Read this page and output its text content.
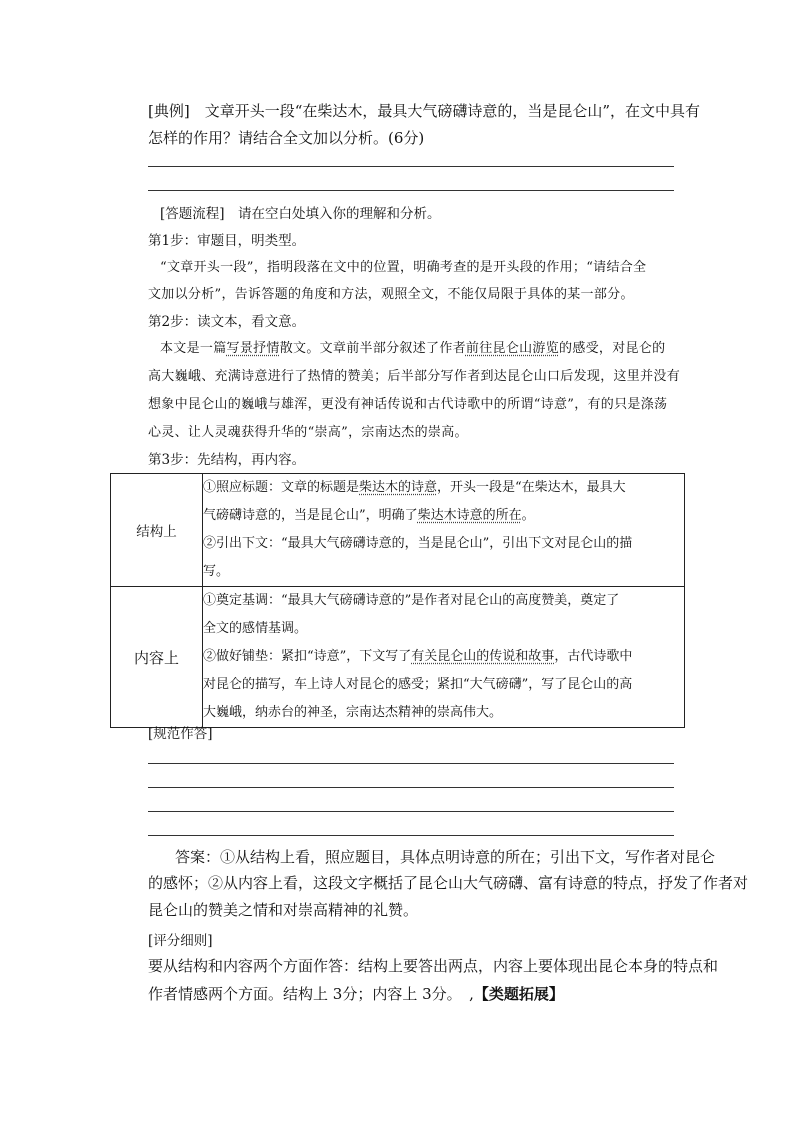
[典例]　文章开头一段“在柴达木，最具大气磅礴诗意的，当是昆仑山”，在文中具有
怎样的作用？请结合全文加以分析。(6分)
[答题流程]　请在空白处填入你的理解和分析。
第1步：审题目，明类型。
“文章开头一段”，指明段落在文中的位置，明确考查的是开头段的作用；“请结合全
文加以分析”，告诉答题的角度和方法，观照全文，不能仅局限于具体的某一部分。
第2步：读文本，看文意。
本文是一篇写景抒情散文。文章前半部分叙述了作者前往昆仑山游览的感受，对昆仑的
高大巍峨、充满诗意进行了热情的赞美；后半部分写作者到达昆仑山口后发现，这里并没有
想象中昆仑山的巍峨与雄浑，更没有神话传说和古代诗歌中的所谓“诗意”，有的只是涤荡
心灵、让人灵魂获得升华的“崇高”，宗南达杰的崇高。
第3步：先结构，再内容。
结构上	①照应标题：文章的标题是柴达木的诗意，开头一段是“在柴达木，最具大
气磅礴诗意的，当是昆仑山”，明确了柴达木诗意的所在。
②引出下文：“最具大气磅礴诗意的，当是昆仑山”，引出下文对昆仑山的描
写。

内容上	①奠定基调：“最具大气磅礴诗意的”是作者对昆仑山的高度赞美，奠定了
全文的感情基调。
②做好铺垫：紧扣“诗意”，下文写了有关昆仑山的传说和故事，古代诗歌中
对昆仑的描写，车上诗人对昆仑的感受；紧扣“大气磅礴”，写了昆仑山的高
大巍峨，纳赤台的神圣，宗南达杰精神的崇高伟大。
[规范作答]
答案：①从结构上看，照应题目，具体点明诗意的所在；引出下文，写作者对昆仑
的感怀；②从内容上看，这段文字概括了昆仑山大气磅礴、富有诗意的特点，抒发了作者对
昆仑山的赞美之情和对崇高精神的礼赞。
[评分细则]
要从结构和内容两个方面作答：结构上要答出两点，内容上要体现出昆仑本身的特点和
作者情感两个方面。结构上 3分；内容上 3分。　,【类题拓展】
